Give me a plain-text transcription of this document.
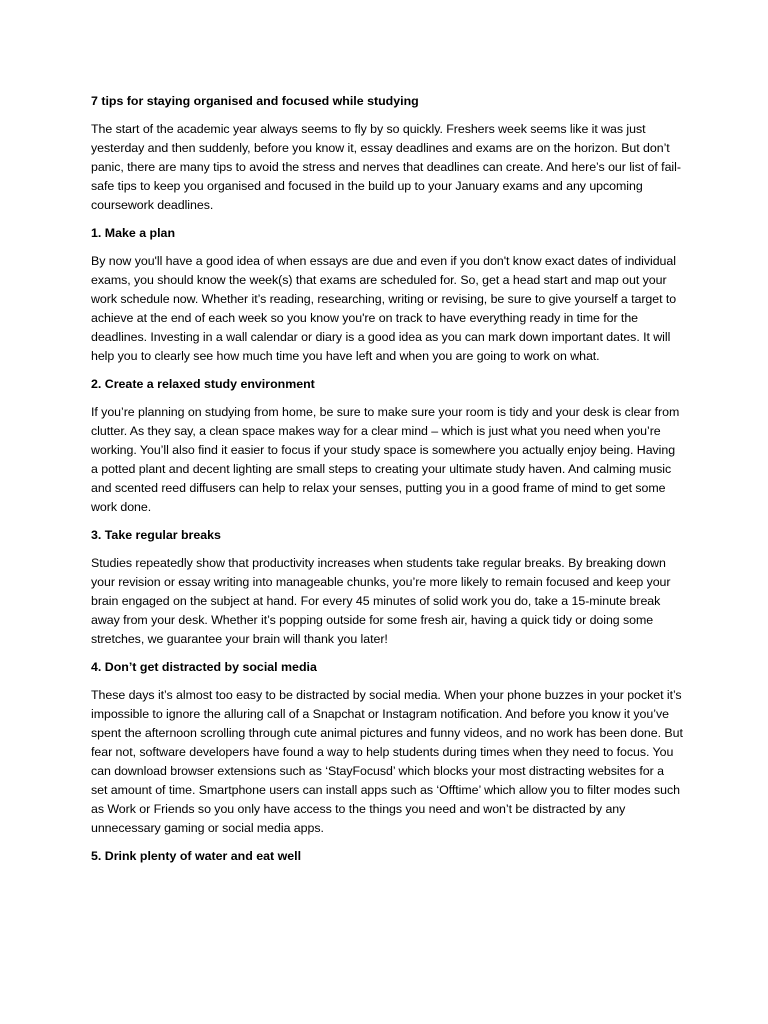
7 tips for staying organised and focused while studying

The start of the academic year always seems to fly by so quickly. Freshers week seems like it was just yesterday and then suddenly, before you know it, essay deadlines and exams are on the horizon. But don’t panic, there are many tips to avoid the stress and nerves that deadlines can create. And here’s our list of fail-safe tips to keep you organised and focused in the build up to your January exams and any upcoming coursework deadlines.

1. Make a plan

By now you'll have a good idea of when essays are due and even if you don't know exact dates of individual exams, you should know the week(s) that exams are scheduled for. So, get a head start and map out your work schedule now. Whether it’s reading, researching, writing or revising, be sure to give yourself a target to achieve at the end of each week so you know you're on track to have everything ready in time for the deadlines. Investing in a wall calendar or diary is a good idea as you can mark down important dates. It will help you to clearly see how much time you have left and when you are going to work on what.

2. Create a relaxed study environment

If you’re planning on studying from home, be sure to make sure your room is tidy and your desk is clear from clutter. As they say, a clean space makes way for a clear mind – which is just what you need when you’re working. You’ll also find it easier to focus if your study space is somewhere you actually enjoy being. Having a potted plant and decent lighting are small steps to creating your ultimate study haven. And calming music and scented reed diffusers can help to relax your senses, putting you in a good frame of mind to get some work done.

3. Take regular breaks

Studies repeatedly show that productivity increases when students take regular breaks. By breaking down your revision or essay writing into manageable chunks, you’re more likely to remain focused and keep your brain engaged on the subject at hand. For every 45 minutes of solid work you do, take a 15-minute break away from your desk. Whether it’s popping outside for some fresh air, having a quick tidy or doing some stretches, we guarantee your brain will thank you later!

4. Don’t get distracted by social media

These days it’s almost too easy to be distracted by social media. When your phone buzzes in your pocket it’s impossible to ignore the alluring call of a Snapchat or Instagram notification. And before you know it you’ve spent the afternoon scrolling through cute animal pictures and funny videos, and no work has been done. But fear not, software developers have found a way to help students during times when they need to focus. You can download browser extensions such as ‘StayFocusd’ which blocks your most distracting websites for a set amount of time. Smartphone users can install apps such as ‘Offtime’ which allow you to filter modes such as Work or Friends so you only have access to the things you need and won’t be distracted by any unnecessary gaming or social media apps.

5. Drink plenty of water and eat well
